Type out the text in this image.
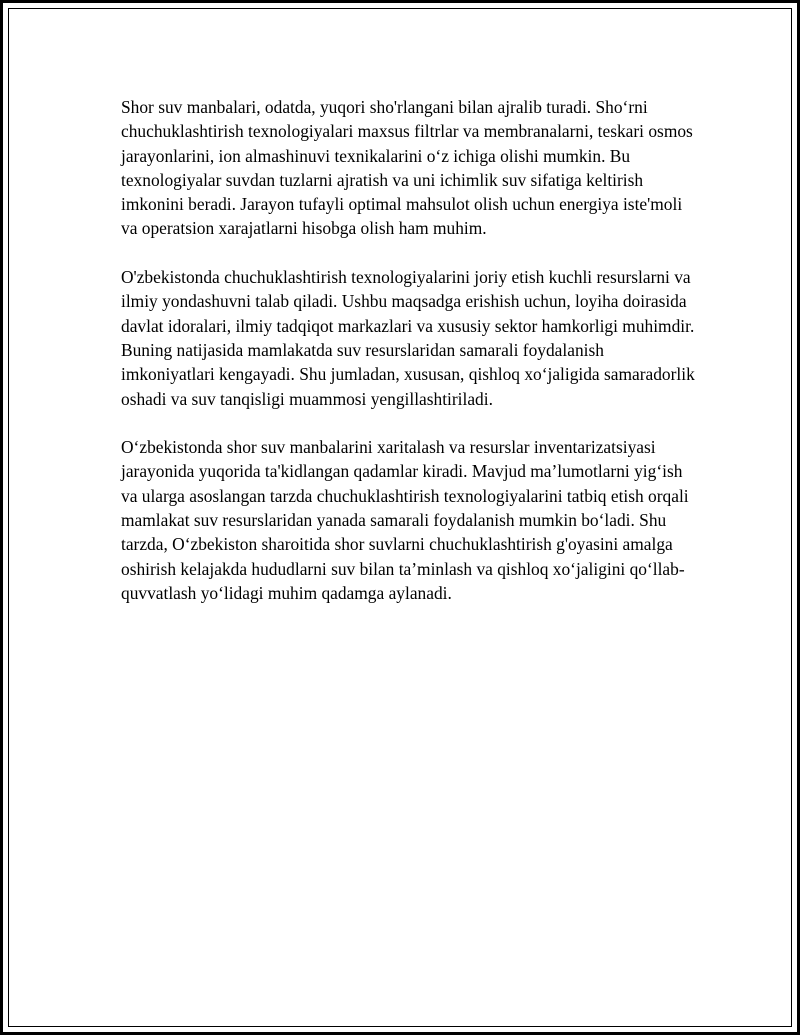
Shor suv manbalari, odatda, yuqori sho'rlangani bilan ajralib turadi. Sho‘rni chuchuklashtirish texnologiyalari maxsus filtrlar va membranalarni, teskari osmos jarayonlarini, ion almashinuvi texnikalarini o‘z ichiga olishi mumkin. Bu texnologiyalar suvdan tuzlarni ajratish va uni ichimlik suv sifatiga keltirish imkonini beradi. Jarayon tufayli optimal mahsulot olish uchun energiya iste'moli va operatsion xarajatlarni hisobga olish ham muhim.

O'zbekistonda chuchuklashtirish texnologiyalarini joriy etish kuchli resurslarni va ilmiy yondashuvni talab qiladi. Ushbu maqsadga erishish uchun, loyiha doirasida davlat idoralari, ilmiy tadqiqot markazlari va xususiy sektor hamkorligi muhimdir. Buning natijasida mamlakatda suv resurslaridan samarali foydalanish imkoniyatlari kengayadi. Shu jumladan, xususan, qishloq xo‘jaligida samaradorlik oshadi va suv tanqisligi muammosi yengillashtiriladi.

O‘zbekistonda shor suv manbalarini xaritalash va resurslar inventarizatsiyasi jarayonida yuqorida ta'kidlangan qadamlar kiradi. Mavjud ma’lumotlarni yig‘ish va ularga asoslangan tarzda chuchuklashtirish texnologiyalarini tatbiq etish orqali mamlakat suv resurslaridan yanada samarali foydalanish mumkin bo‘ladi. Shu tarzda, O‘zbekiston sharoitida shor suvlarni chuchuklashtirish g'oyasini amalga oshirish kelajakda hududlarni suv bilan ta’minlash va qishloq xo‘jaligini qo‘llab-quvvatlash yo‘lidagi muhim qadamga aylanadi.
